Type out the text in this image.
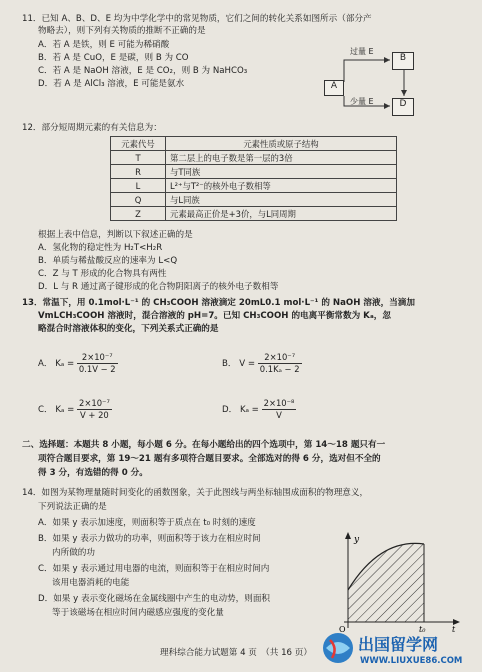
11．已知 A、B、D、E 均为中学化学中的常见物质，它们之间的转化关系如图所示（部分产
物略去），则下列有关物质的推断不正确的是
A．若 A 是铁，则 E 可能为稀硝酸
B．若 A 是 CuO，E 是碳，则 B 为 CO
C．若 A 是 NaOH 溶液，E 是 CO₂，则 B 为 NaHCO₃
D．若 A 是 AlCl₃ 溶液，E 可能是氨水	A
B
D
过量 E
少量 E
12．部分短周期元素的有关信息为：
元素代号	元素性质或原子结构
T	第二层上的电子数是第一层的3倍
R	与T同族
L	L²⁺与T²⁻的核外电子数相等
Q	与L同族
Z	元素最高正价是+3价，与L同周期
根据上表中信息，判断以下叙述正确的是
A．氢化物的稳定性为 H₂T<H₂R
B．单质与稀盐酸反应的速率为 L<Q
C．Z 与 T 形成的化合物具有两性
D．L 与 R 通过离子键形成的化合物阴阳离子的核外电子数相等
13．常温下，用 0.1mol·L⁻¹ 的 CH₃COOH 溶液滴定 20mL0.1 mol·L⁻¹ 的 NaOH 溶液，当滴加
VmLCH₃COOH 溶液时，混合溶液的 pH=7。已知 CH₃COOH 的电离平衡常数为 Kₐ，忽
略混合时溶液体积的变化，下列关系式正确的是
A． $K_a = \frac{\text{2×10⁻⁷}}{0.1V - 2}$	B． $V = \frac{\text{2×10⁻⁷}}{\text{0.1Kₐ − 2}}$
C． $K_a = \frac{\text{2×10⁻⁷}}{V + 20}$	D． $K_a = \frac{\text{2×10⁻⁸}}{V}$
二、选择题：本题共 8 小题，每小题 6 分。在每小题给出的四个选项中，第 14～18 题只有一
项符合题目要求，第 19～21 题有多项符合题目要求。全部选对的得 6 分，选对但不全的
得 3 分，有选错的得 0 分。
14．如图为某物理量随时间变化的函数图象，关于此图线与两坐标轴围成面积的物理意义，
下列说法正确的是
A．如果 y 表示加速度，则面积等于质点在 t₀ 时刻的速度
B．如果 y 表示力做功的功率，则面积等于该力在相应时间
内所做的功
C．如果 y 表示通过用电器的电流，则面积等于在相应时间内
该用电器消耗的电能
D．如果 y 表示变化磁场在金属线圈中产生的电动势，则面积
等于该磁场在相应时间内磁感应强度的变化量
y
O	t₀	t
理科综合能力试题第 4 页　（共 16 页）	出国留学网
WWW.LIUXUE86.COM
